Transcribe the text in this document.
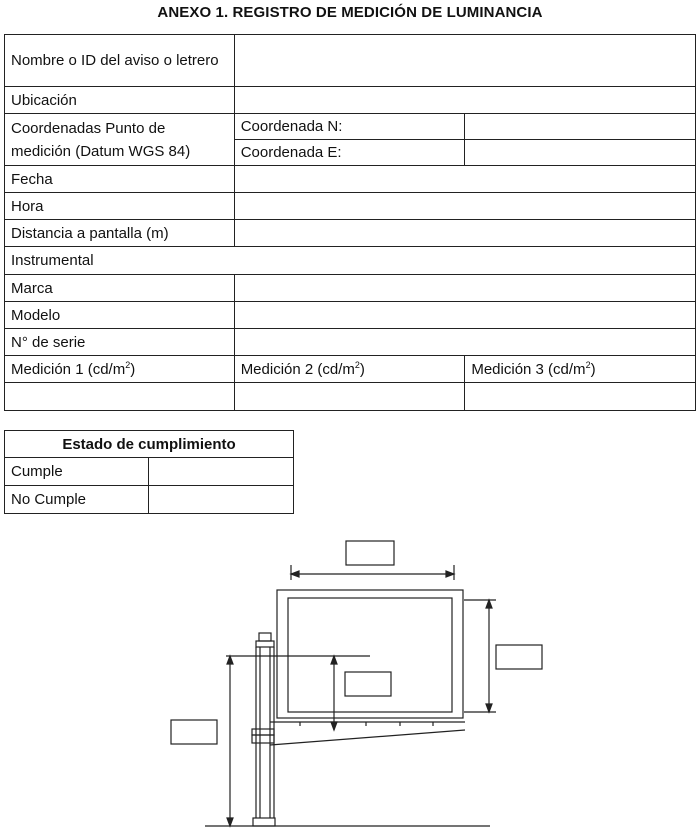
ANEXO 1. REGISTRO DE MEDICIÓN DE LUMINANCIA
Nombre o ID del aviso o letrero		
Ubicación		
Coordenadas Punto de medición (Datum WGS 84)	Coordenada N:	
	Coordenada E:	
Fecha		
Hora		
Distancia a pantalla (m)		
Instrumental		
Marca		
Modelo		
N° de serie		
Medición 1 $(cd/m^2)$	Medición 2 $(cd/m^2)$	Medición 3 $(cd/m^2)$

Estado de cumplimiento	
Cumple	
No Cumple	
